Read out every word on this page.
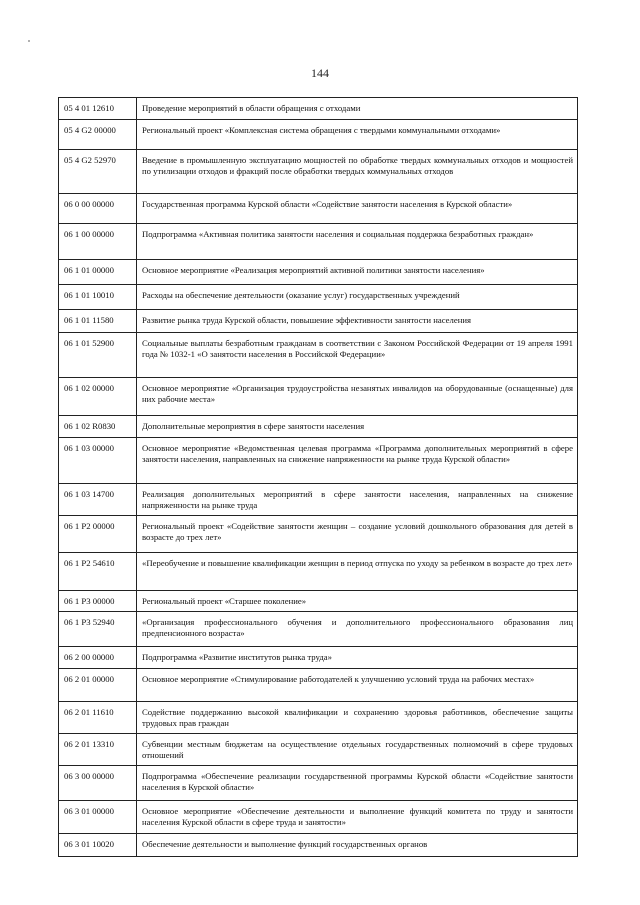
144
05 4 01 12610	Проведение мероприятий в области обращения с отходами
05 4 G2 00000	Региональный проект «Комплексная система обращения с твердыми коммунальными отходами»
05 4 G2 52970	Введение в промышленную эксплуатацию мощностей по обработке твердых коммунальных отходов и мощностей по утилизации отходов и фракций после обработки твердых коммунальных отходов
06 0 00 00000	Государственная программа Курской области «Содействие занятости населения в Курской области»
06 1 00 00000	Подпрограмма «Активная политика занятости населения и социальная поддержка безработных граждан»
06 1 01 00000	Основное мероприятие «Реализация мероприятий активной политики занятости населения»
06 1 01 10010	Расходы на обеспечение деятельности (оказание услуг) государственных учреждений
06 1 01 11580	Развитие рынка труда Курской области, повышение эффективности занятости населения
06 1 01 52900	Социальные выплаты безработным гражданам в соответствии с Законом Российской Федерации от 19 апреля 1991 года № 1032-1 «О занятости населения в Российской Федерации»
06 1 02 00000	Основное мероприятие «Организация трудоустройства незанятых инвалидов на оборудованные (оснащенные) для них рабочие места»
06 1 02 R0830	Дополнительные мероприятия в сфере занятости населения
06 1 03 00000	Основное мероприятие «Ведомственная целевая программа «Программа дополнительных мероприятий в сфере занятости населения, направленных на снижение напряженности на рынке труда Курской области»
06 1 03 14700	Реализация дополнительных мероприятий в сфере занятости населения, направленных на снижение напряженности на рынке труда
06 1 P2 00000	Региональный проект «Содействие занятости женщин – создание условий дошкольного образования для детей в возрасте до трех лет»
06 1 P2 54610	«Переобучение и повышение квалификации женщин в период отпуска по уходу за ребенком в возрасте до трех лет»
06 1 P3 00000	Региональный проект «Старшее поколение»
06 1 P3 52940	«Организация профессионального обучения и дополнительного профессионального образования лиц предпенсионного возраста»
06 2 00 00000	Подпрограмма «Развитие институтов рынка труда»
06 2 01 00000	Основное мероприятие «Стимулирование работодателей к улучшению условий труда на рабочих местах»
06 2 01 11610	Содействие поддержанию высокой квалификации и сохранению здоровья работников, обеспечение защиты трудовых прав граждан
06 2 01 13310	Субвенции местным бюджетам на осуществление отдельных государственных полномочий в сфере трудовых отношений
06 3 00 00000	Подпрограмма «Обеспечение реализации государственной программы Курской области «Содействие занятости населения в Курской области»
06 3 01 00000	Основное мероприятие «Обеспечение деятельности и выполнение функций комитета по труду и занятости населения Курской области в сфере труда и занятости»
06 3 01 10020	Обеспечение деятельности и выполнение функций государственных органов
